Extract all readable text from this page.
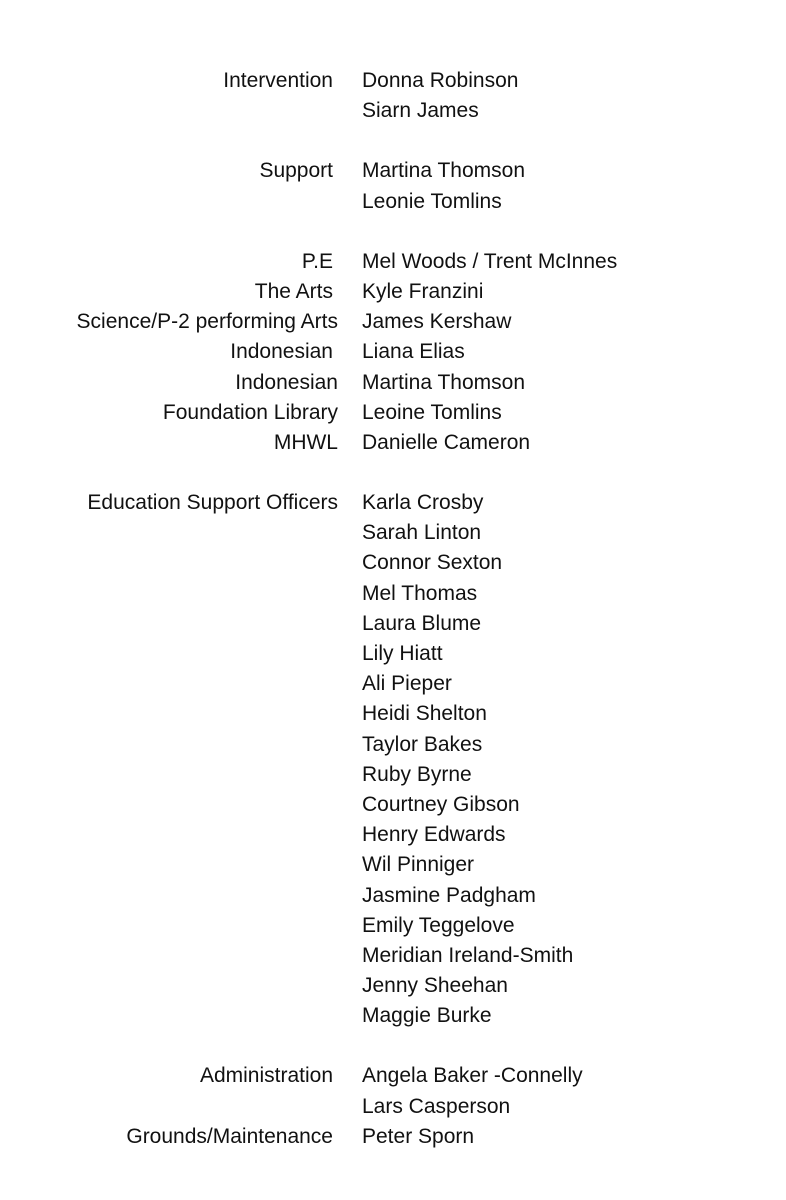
Intervention Donna Robinson
Siarn James
Support Martina Thomson
Leonie Tomlins
P.E Mel Woods / Trent McInnes
The Arts Kyle Franzini
Science/P-2 performing Arts James Kershaw
Indonesian Liana Elias
Indonesian Martina Thomson
Foundation Library Leoine Tomlins
MHWL Danielle Cameron
Education Support Officers Karla Crosby
Sarah Linton
Connor Sexton
Mel Thomas
Laura Blume
Lily Hiatt
Ali Pieper
Heidi Shelton
Taylor Bakes
Ruby Byrne
Courtney Gibson
Henry Edwards
Wil Pinniger
Jasmine Padgham
Emily Teggelove
Meridian Ireland-Smith
Jenny Sheehan
Maggie Burke
Administration Angela Baker -Connelly
Lars Casperson
Grounds/Maintenance Peter Sporn
